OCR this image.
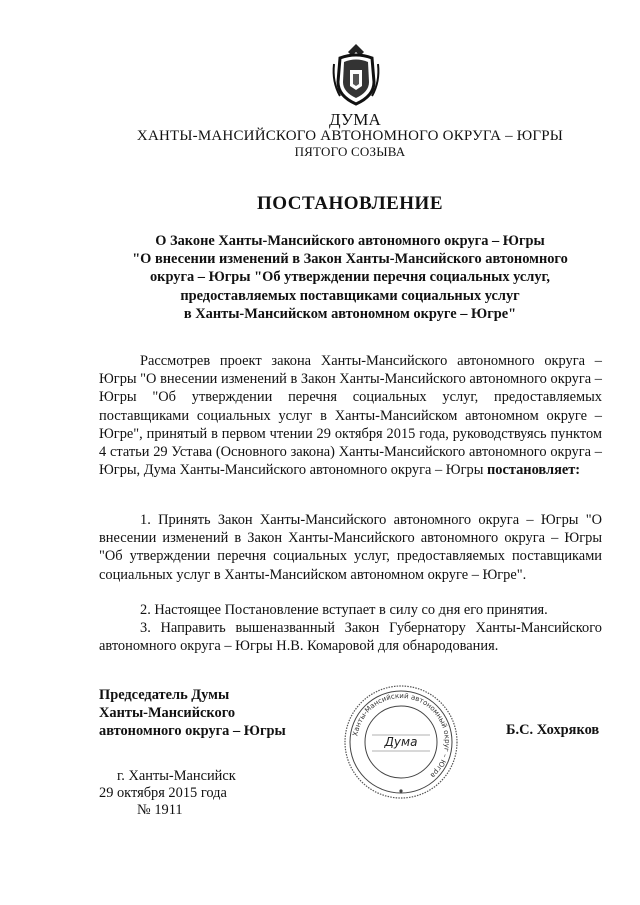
ДУМА
ХАНТЫ-МАНСИЙСКОГО АВТОНОМНОГО ОКРУГА – ЮГРЫ
ПЯТОГО СОЗЫВА
ПОСТАНОВЛЕНИЕ
О Законе Ханты-Мансийского автономного округа – Югры
"О внесении изменений в Закон Ханты-Мансийского автономного
округа – Югры "Об утверждении перечня социальных услуг,
предоставляемых поставщиками социальных услуг
в Ханты-Мансийском автономном округе – Югре"
Рассмотрев проект закона Ханты-Мансийского автономного округа – Югры "О внесении изменений в Закон Ханты-Мансийского автономного округа – Югры "Об утверждении перечня социальных услуг, предоставляемых поставщиками социальных услуг в Ханты-Мансийском автономном округе – Югре", принятый в первом чтении 29 октября 2015 года, руководствуясь пунктом 4 статьи 29 Устава (Основного закона) Ханты-Мансийского автономного округа – Югры, Дума Ханты-Мансийского автономного округа – Югры постановляет:
1. Принять Закон Ханты-Мансийского автономного округа – Югры "О внесении изменений в Закон Ханты-Мансийского автономного округа – Югры "Об утверждении перечня социальных услуг, предоставляемых поставщиками социальных услуг в Ханты-Мансийском автономном округе – Югре".
2. Настоящее Постановление вступает в силу со дня его принятия.
3. Направить вышеназванный Закон Губернатору Ханты-Мансийского автономного округа – Югры Н.В. Комаровой для обнародования.
Председатель Думы
Ханты-Мансийского
автономного округа – Югры	Ханты-Мансийский автономный округ – Югра
Дума
Б.С. Хохряков
г. Ханты-Мансийск
29 октября 2015 года
№ 1911
